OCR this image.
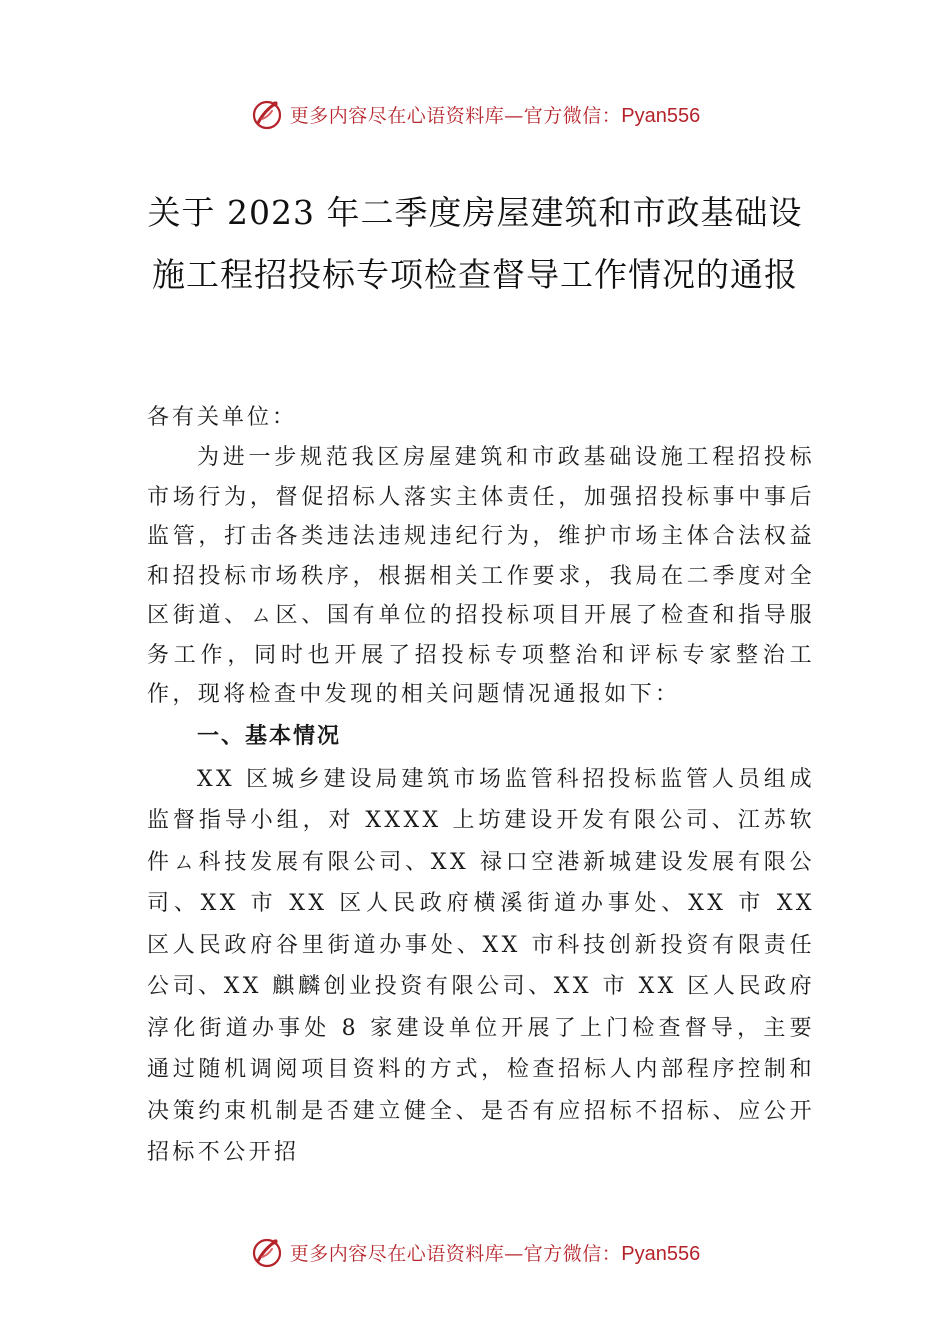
更多内容尽在心语资料库—官方微信：Pyan556
关于 2023 年二季度房屋建筑和市政基础设施工程招投标专项检查督导工作情况的通报

各有关单位：

为进一步规范我区房屋建筑和市政基础设施工程招投标市场行为，督促招标人落实主体责任，加强招投标事中事后监管，打击各类违法违规违纪行为，维护市场主体合法权益和招投标市场秩序，根据相关工作要求，我局在二季度对全区街道、ㄙ区、国有单位的招投标项目开展了检查和指导服务工作，同时也开展了招投标专项整治和评标专家整治工作，现将检查中发现的相关问题情况通报如下：

一、基本情况

XX 区城乡建设局建筑市场监管科招投标监管人员组成监督指导小组，对 XXXX 上坊建设开发有限公司、江苏软件ㄙ科技发展有限公司、XX 禄口空港新城建设发展有限公司、XX 市 XX 区人民政府横溪街道办事处、XX 市 XX 区人民政府谷里街道办事处、XX 市科技创新投资有限责任公司、XX 麒麟创业投资有限公司、XX 市 XX 区人民政府淳化街道办事处 8 家建设单位开展了上门检查督导，主要通过随机调阅项目资料的方式，检查招标人内部程序控制和决策约束机制是否建立健全、是否有应招标不招标、应公开招标不公开招

更多内容尽在心语资料库—官方微信：Pyan556
